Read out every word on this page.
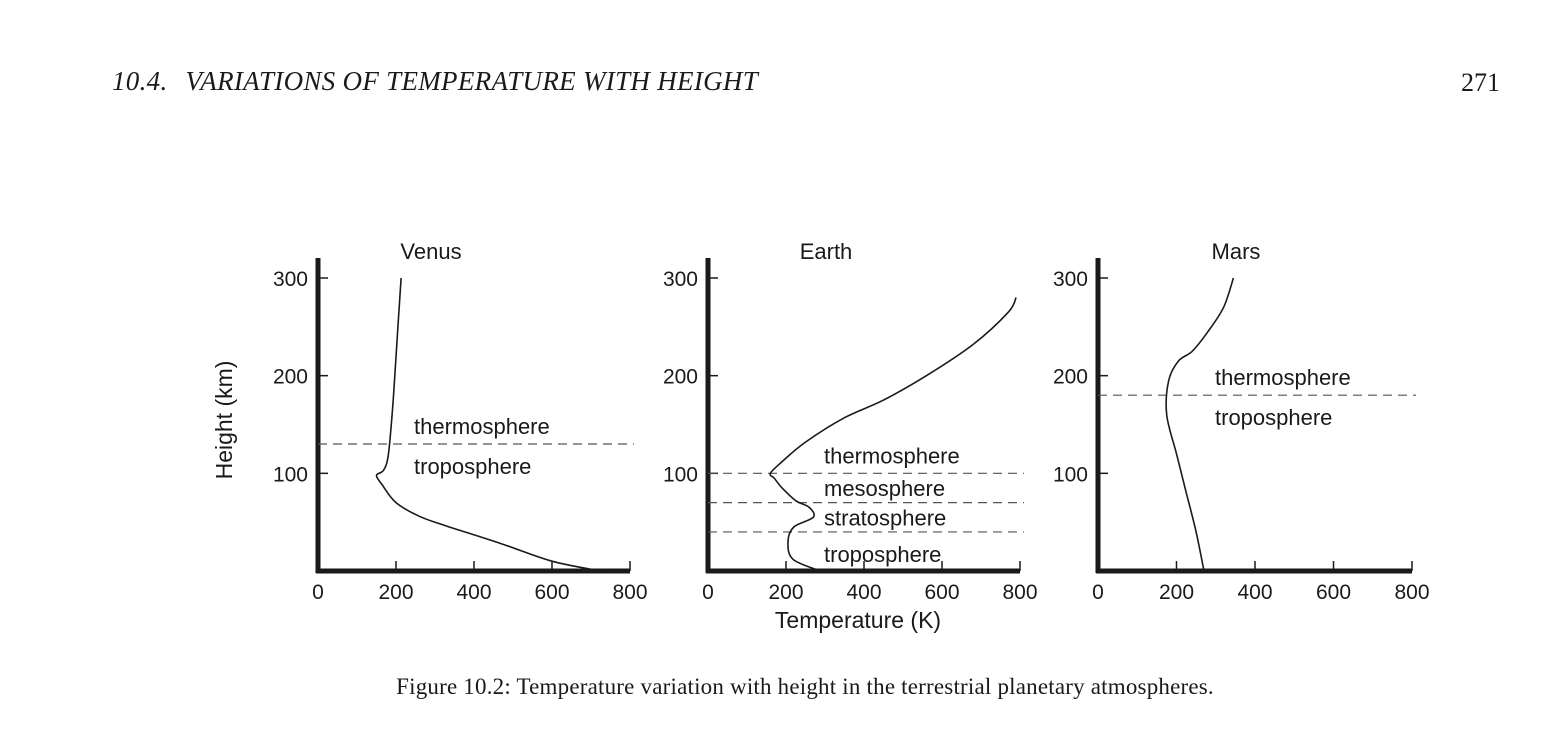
10.4. VARIATIONS OF TEMPERATURE WITH HEIGHT	271
Height (km)
Temperature (K)
Venus
0	200 400 600 800
100
200
300
thermosphere
troposphere
Earth
0	200 400 600 800
100
200
300
thermosphere
mesosphere
stratosphere
troposphere
Mars
0	200 400 600 800
100
200
300
thermosphere
troposphere
Figure 10.2: Temperature variation with height in the terrestrial planetary atmospheres.
